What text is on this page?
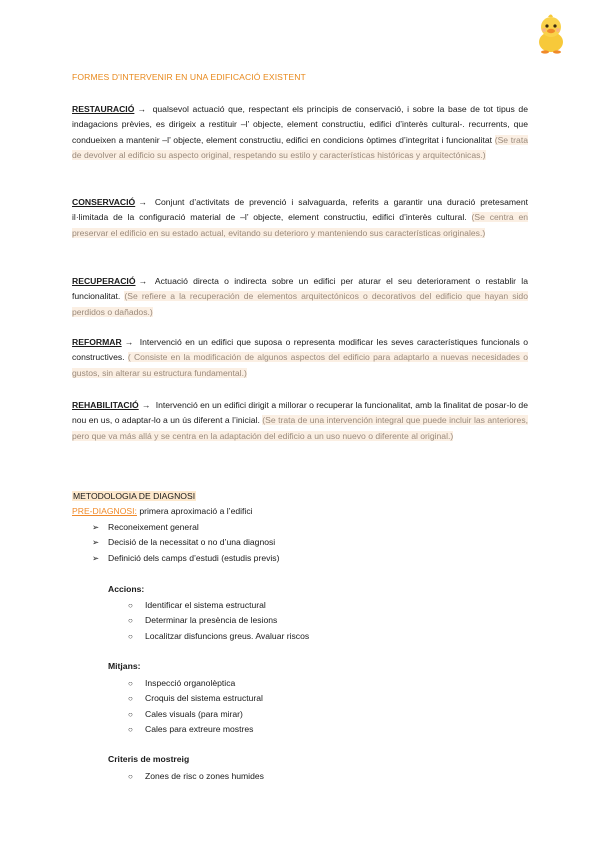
FORMES D'INTERVENIR EN UNA EDIFICACIÓ EXISTENT
RESTAURACIÓ → qualsevol actuació que, respectant els principis de conservació, i sobre la base de tot tipus de indagacions prèvies, es dirigeix a restituir –l’ objecte, element constructiu, edifici d’interès cultural-. recurrents, que condueixen a mantenir –l’ objecte, element constructiu, edifici en condicions òptimes d’integritat i funcionalitat (Se trata de devolver al edificio su aspecto original, respetando su estilo y características históricas y arquitectónicas.)
CONSERVACIÓ → Conjunt d’activitats de prevenció i salvaguarda, referits a garantir una duració pretesament il·limitada de la configuració material de –l’ objecte, element constructiu, edifici d’interès cultural. (Se centra en preservar el edificio en su estado actual, evitando su deterioro y manteniendo sus características originales.)
RECUPERACIÓ → Actuació directa o indirecta sobre un edifici per aturar el seu deteriorament o restablir la funcionalitat. (Se refiere a la recuperación de elementos arquitectónicos o decorativos del edificio que hayan sido perdidos o dañados.)
REFORMAR → Intervenció en un edifici que suposa o representa modificar les seves característiques funcionals o constructives. ( Consiste en la modificación de algunos aspectos del edificio para adaptarlo a nuevas necesidades o gustos, sin alterar su estructura fundamental.)
REHABILITACIÓ → Intervenció en un edifici dirigit a millorar o recuperar la funcionalitat, amb la finalitat de posar-lo de nou en us, o adaptar-lo a un ús diferent a l’inicial. (Se trata de una intervención integral que puede incluir las anteriores, pero que va más allá y se centra en la adaptación del edificio a un uso nuevo o diferente al original.)
METODOLOGIA DE DIAGNOSI
PRE-DIAGNOSI: primera aproximació a l’edifici
➢ Reconeixement general
➢ Decisió de la necessitat o no d’una diagnosi
➢ Definició dels camps d’estudi (estudis previs)
Accions:
○ Identificar el sistema estructural
○ Determinar la presència de lesions
○ Localitzar disfuncions greus. Avaluar riscos
Mitjans:
○ Inspecció organolèptica
○ Croquis del sistema estructural
○ Cales visuals (para mirar)
○ Cales para extreure mostres
Criteris de mostreig
○ Zones de risc o zones humides
